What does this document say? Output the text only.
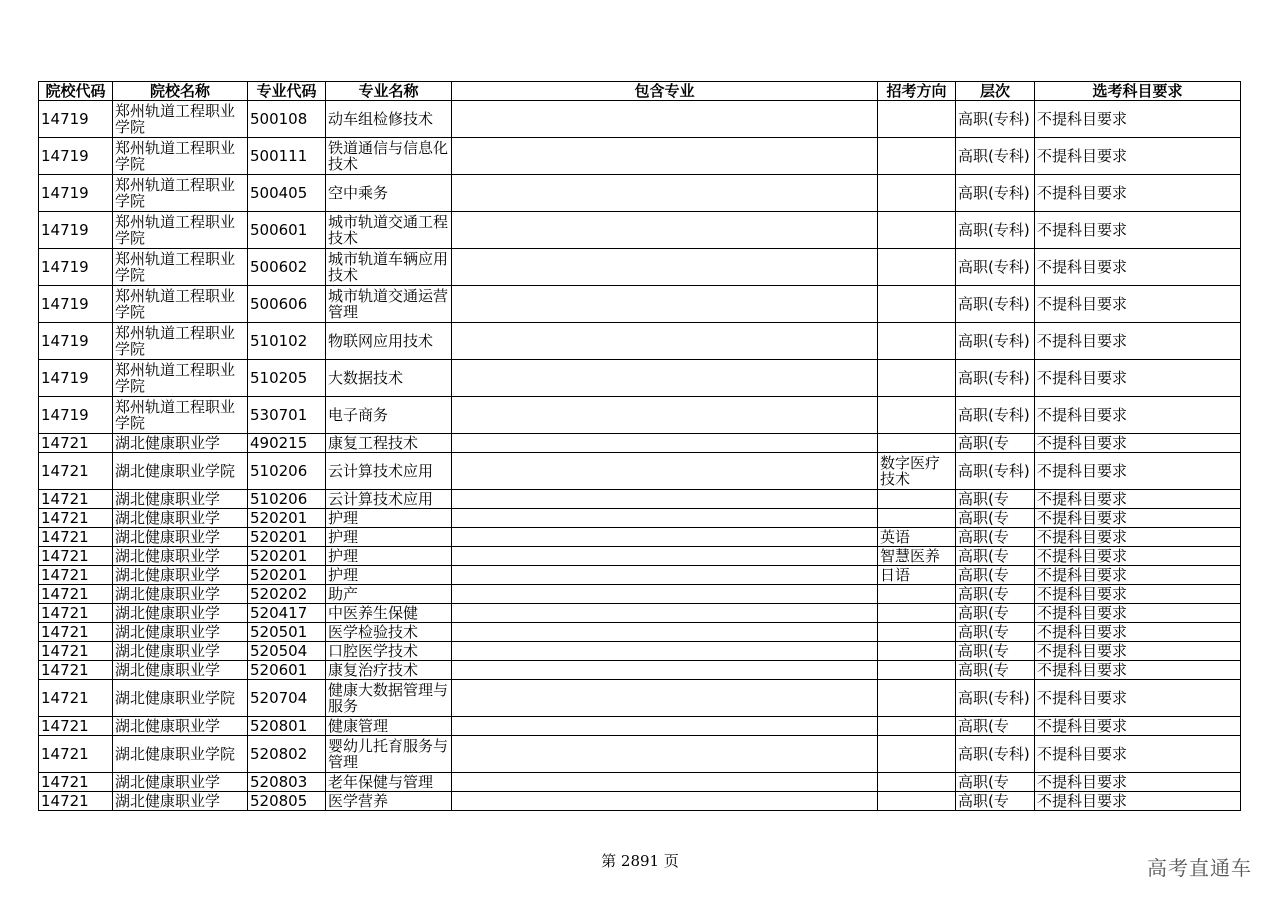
院校代码	院校名称	专业代码	专业名称	包含专业	招考方向	层次	选考科目要求

14719	郑州轨道工程职业学院	500108	动车组检修技术			高职(专科)	不提科目要求

14719	郑州轨道工程职业学院	500111	铁道通信与信息化技术			高职(专科)	不提科目要求

14719	郑州轨道工程职业学院	500405	空中乘务			高职(专科)	不提科目要求

14719	郑州轨道工程职业学院	500601	城市轨道交通工程技术			高职(专科)	不提科目要求

14719	郑州轨道工程职业学院	500602	城市轨道车辆应用技术			高职(专科)	不提科目要求

14719	郑州轨道工程职业学院	500606	城市轨道交通运营管理			高职(专科)	不提科目要求

14719	郑州轨道工程职业学院	510102	物联网应用技术			高职(专科)	不提科目要求

14719	郑州轨道工程职业学院	510205	大数据技术			高职(专科)	不提科目要求

14719	郑州轨道工程职业学院	530701	电子商务			高职(专科)	不提科目要求

14721	湖北健康职业学	490215	康复工程技术			高职(专	不提科目要求

14721	湖北健康职业学院	510206	云计算技术应用		数字医疗技术	高职(专科)	不提科目要求

14721	湖北健康职业学	510206	云计算技术应用			高职(专	不提科目要求

14721	湖北健康职业学	520201	护理			高职(专	不提科目要求

14721	湖北健康职业学	520201	护理		英语	高职(专	不提科目要求

14721	湖北健康职业学	520201	护理		智慧医养	高职(专	不提科目要求

14721	湖北健康职业学	520201	护理		日语	高职(专	不提科目要求

14721	湖北健康职业学	520202	助产			高职(专	不提科目要求

14721	湖北健康职业学	520417	中医养生保健			高职(专	不提科目要求

14721	湖北健康职业学	520501	医学检验技术			高职(专	不提科目要求

14721	湖北健康职业学	520504	口腔医学技术			高职(专	不提科目要求

14721	湖北健康职业学	520601	康复治疗技术			高职(专	不提科目要求

14721	湖北健康职业学院	520704	健康大数据管理与服务			高职(专科)	不提科目要求

14721	湖北健康职业学	520801	健康管理			高职(专	不提科目要求

14721	湖北健康职业学院	520802	婴幼儿托育服务与管理			高职(专科)	不提科目要求

14721	湖北健康职业学	520803	老年保健与管理			高职(专	不提科目要求

14721	湖北健康职业学	520805	医学营养			高职(专	不提科目要求
第 2891 页	高考直通车
